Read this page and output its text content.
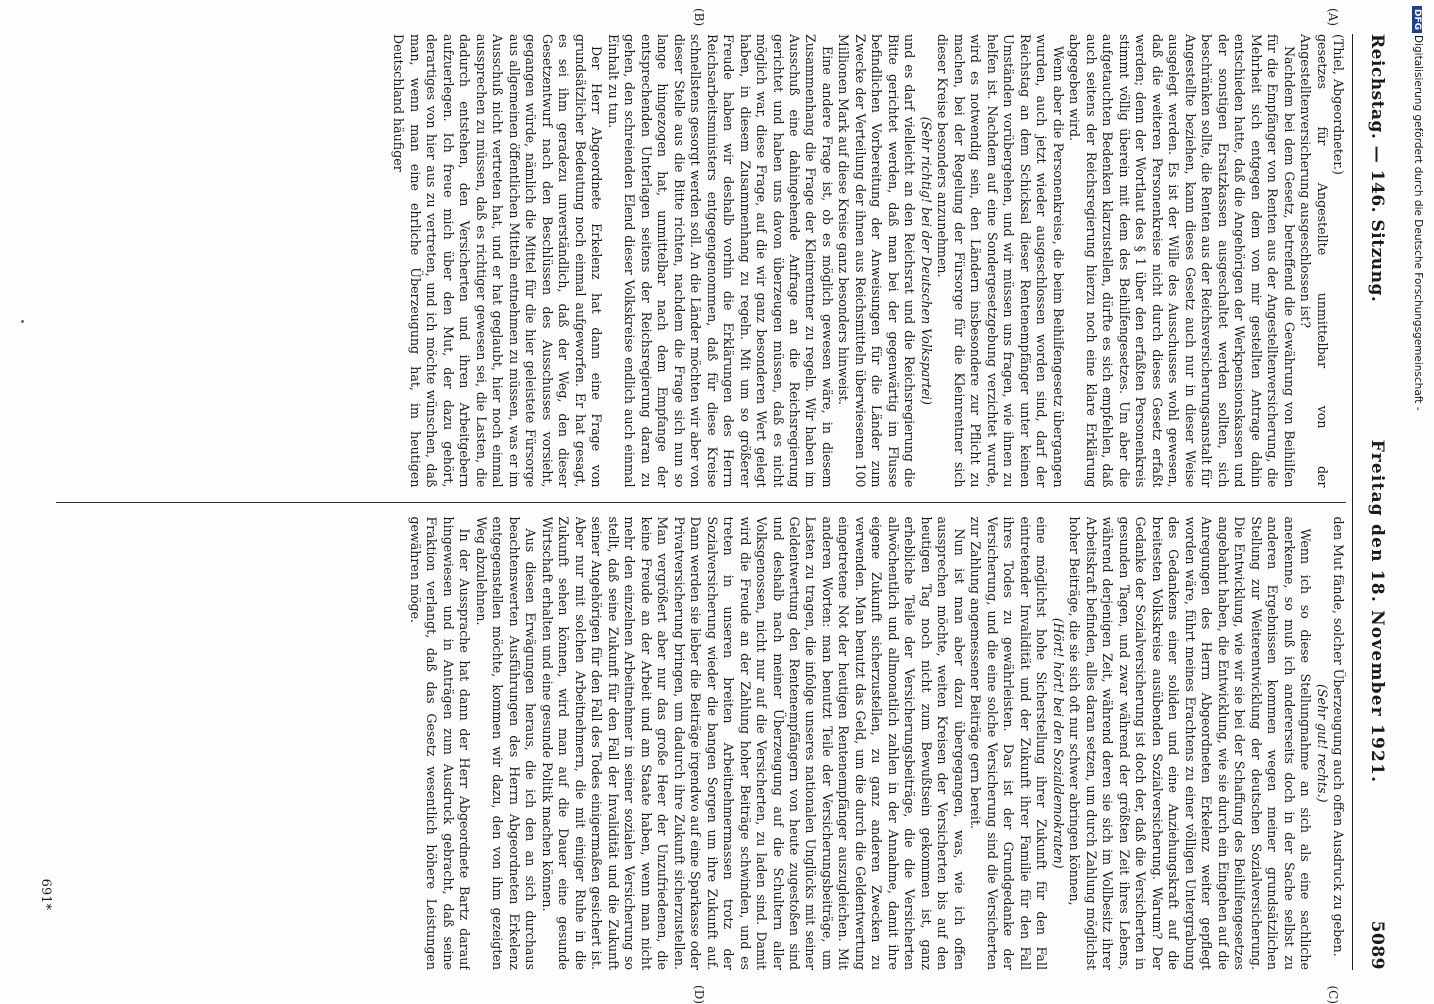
Reichstag. — 146. Sitzung.
Freitag den 18. November 1921.
5089
(A)
(B)
(C)
(D)

(Thiel, Abgeordneter.)

gesetzes für Angestellte unmittelbar von der Angestelltenversicherung ausgeschlossen ist?

Nachdem bei dem Gesetz, betreffend die Gewährung von Beihilfen für die Empfänger von Renten aus der Angestelltenversicherung, die Mehrheit sich entgegen dem von mir gestellten Antrage dahin entschieden hatte, daß die Angehörigen der Werkpensionskassen und der sonstigen Ersatzkassen ausgeschaltet werden sollten, sich beschränken sollte, die Renten aus der Reichsversicherungsanstalt für Angestellte beziehen, kann dieses Gesetz auch nur in dieser Weise ausgelegt werden. Es ist der Wille des Ausschusses wohl gewesen, daß die weiteren Personenkreise nicht durch dieses Gesetz erfaßt werden; denn der Wortlaut des § 1 über den erfaßten Personenkreis stimmt völlig überein mit dem des Beihilfengesetzes. Um aber die aufgetauchten Bedenken klarzustellen, dürfte es sich empfehlen, daß auch seitens der Reichsregierung hierzu noch eine klare Erklärung abgegeben wird.

Wenn aber die Personenkreise, die beim Beihilfengesetz übergangen wurden, auch jetzt wieder ausgeschlossen worden sind, darf der Reichstag an dem Schicksal dieser Rentenempfänger unter keinen Umständen vorübergehen, und wir müssen uns fragen, wie ihnen zu helfen ist. Nachdem auf eine Sondergesetzgebung verzichtet wurde, wird es notwendig sein, den Ländern insbesondere zur Pflicht zu machen, bei der Regelung der Fürsorge für die Kleinrentner sich dieser Kreise besonders anzunehmen.

(Sehr richtig! bei der Deutschen Volkspartei)

und es darf vielleicht an den Reichsrat und die Reichsregierung die Bitte gerichtet werden, daß man bei der gegenwärtig im Flusse befindlichen Vorbereitung der Anweisungen für die Länder zum Zwecke der Verteilung der ihnen aus Reichsmitteln überwiesenen 100 Millionen Mark auf diese Kreise ganz besonders hinweist.

Eine andere Frage ist, ob es möglich gewesen wäre, in diesem Zusammenhang die Frage der Kleinrentner zu regeln. Wir haben im Ausschuß eine dahingehende Anfrage an die Reichsregierung gerichtet und haben uns davon überzeugen müssen, daß es nicht möglich war, diese Frage, auf die wir ganz besonderen Wert gelegt haben, in diesem Zusammenhang zu regeln. Mit um so größerer Freude haben wir deshalb vorhin die Erklärungen des Herrn Reichsarbeitsministers entgegengenommen, daß für diese Kreise schnellstens gesorgt werden soll. An die Länder möchten wir aber von dieser Stelle aus die Bitte richten, nachdem die Frage sich nun so lange hingezogen hat, unmittelbar nach dem Empfange der entsprechenden Unterlagen seitens der Reichsregierung daran zu gehen, den schreienden Elend dieser Volkskreise endlich auch einmal Einhalt zu tun.

Der Herr Abgeordnete Erkelenz hat dann eine Frage von grundsätzlicher Bedeutung noch einmal aufgeworfen. Er hat gesagt, es sei ihm geradezu unverständlich, daß der Weg, den dieser Gesetzentwurf nach den Beschlüssen des Ausschusses vorsieht, gegangen würde, nämlich die Mittel für die hier geleistete Fürsorge aus allgemeinen öffentlichen Mitteln entnehmen zu müssen, was er im Ausschuß nicht vertreten hat, und er hat geglaubt, hier noch einmal aussprechen zu müssen, daß es richtiger gewesen sei, die Lasten, die dadurch entstehen, den Versicherten und ihren Arbeitgebern aufzuerlegen. Ich freue mich über den Mut, der dazu gehört, derartiges von hier aus zu vertreten, und ich möchte wünschen, daß man, wenn man eine ehrliche Überzeugung hat, im heutigen Deutschland häufiger

den Mut fände, solcher Überzeugung auch offen Ausdruck zu geben.

(Sehr gut! rechts.)

Wenn ich so diese Stellungnahme an sich als eine sachliche anerkenne, so muß ich andererseits doch in der Sache selbst zu anderen Ergebnissen kommen wegen meiner grundsätzlichen Stellung zur Weiterentwicklung der deutschen Sozialversicherung. Die Entwicklung, wie wir sie bei der Schaffung des Beihilfengesetzes angebahnt haben, die Entwicklung, wie sie durch ein Eingehen auf die Anregungen des Herrn Abgeordneten Erkelenz weiter gepflegt worden wäre, führt meines Erachtens zu einer völligen Untergrabung des Gedankens einer soliden und eine Anziehungskraft auf die breitesten Volkskreise ausübenden Sozialversicherung. Warum? Der Gedanke der Sozialversicherung ist doch der, daß die Versicherten in gesunden Tagen, und zwar während der größten Zeit ihres Lebens, während derjenigen Zeit, während deren sie sich im Vollbesitz ihrer Arbeitskraft befinden, alles daran setzen, um durch Zahlung möglichst hoher Beiträge, die sie sich oft nur schwer abringen können,

(Hört! hört! bei den Sozialdemokraten)

eine möglichst hohe Sicherstellung ihrer Zukunft für den Fall eintretender Invalidität und der Zukunft ihrer Familie für den Fall ihres Todes zu gewährleisten. Das ist der Grundgedanke der Versicherung, und die eine solche Versicherung sind die Versicherten zur Zahlung angemessener Beiträge gern bereit.

Nun ist man aber dazu übergegangen, was, wie ich offen aussprechen möchte, weiten Kreisen der Versicherten bis auf den heutigen Tag noch nicht zum Bewußtsein gekommen ist, ganz erhebliche Teile der Versicherungsbeiträge, die die Versicherten allwöchentlich und allmonatlich zahlen in der Annahme, damit ihre eigene Zukunft sicherzustellen, zu ganz anderen Zwecken zu verwenden. Man benutzt das Geld, um die durch die Geldentwertung eingetretene Not der heutigen Rentenempfänger auszugleichen. Mit anderen Worten: man benutzt Teile der Versicherungsbeiträge, um Lasten zu tragen, die infolge unseres nationalen Unglücks mit seiner Geldentwertung den Rentenempfängern von heute zugestoßen sind und deshalb nach meiner Überzeugung auf die Schultern aller Volksgenossen, nicht nur auf die Versicherten, zu laden sind. Damit wird die Freude an der Zahlung hoher Beiträge schwinden, und es treten in unseren breiten Arbeitnehmermassen trotz der Sozialversicherung wieder die bangen Sorgen um ihre Zukunft auf. Dann werden sie lieber die Beiträge irgendwo auf eine Sparkasse oder Privatversicherung bringen, um dadurch ihre Zukunft sicherzustellen. Man vergrößert aber nur das große Heer der Unzufriedenen, die keine Freude an der Arbeit und am Staate haben, wenn man nicht mehr den einzelnen Arbeitnehmer in seiner sozialen Versicherung so stellt, daß seine Zukunft für den Fall der Invalidität und die Zukunft seiner Angehörigen für den Fall des Todes einigermaßen gesichert ist. Aber nur mit solchen Arbeitnehmern, die mit einiger Ruhe in die Zukunft sehen können, wird man auf die Dauer eine gesunde Wirtschaft erhalten und eine gesunde Politik machen können.

Aus diesen Erwägungen heraus, die ich den an sich durchaus beachtenswerten Ausführungen des Herrn Abgeordneten Erkelenz entgegenstellen möchte, kommen wir dazu, den von ihm gezeigten Weg abzulehnen.

In der Aussprache hat dann der Herr Abgeordnete Bartz darauf hingewiesen und in Anträgen zum Ausdruck gebracht, daß seine Fraktion verlangt, daß das Gesetz wesentlich höhere Leistungen gewähren möge.

691*
DFGDigitalisierung gefördert durch die Deutsche Forschungsgemeinschaft -
